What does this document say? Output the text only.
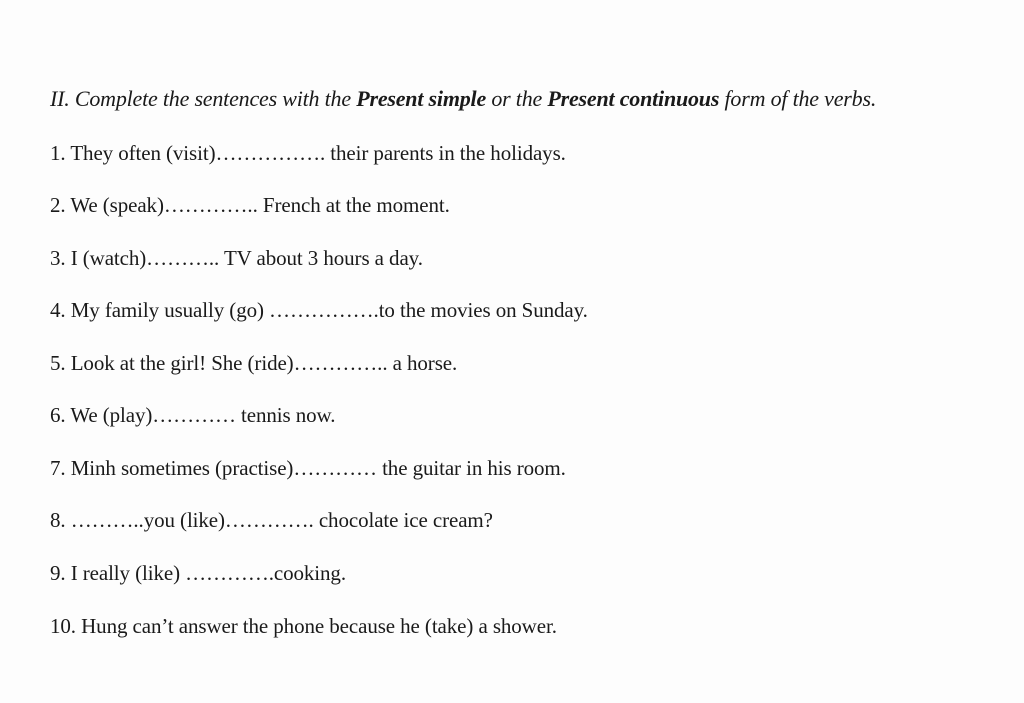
II. Complete the sentences with the Present simple or the Present continuous form of the verbs.
1. They often (visit)……………. their parents in the holidays.
2. We (speak)………….. French at the moment.
3. I (watch)……….. TV about 3 hours a day.
4. My family usually (go) …………….to the movies on Sunday.
5. Look at the girl! She (ride)………….. a horse.
6. We (play)………… tennis now.
7. Minh sometimes (practise)………… the guitar in his room.
8. ………..you (like)…………. chocolate ice cream?
9. I really (like) ………….cooking.
10. Hung can’t answer the phone because he (take) a shower.
